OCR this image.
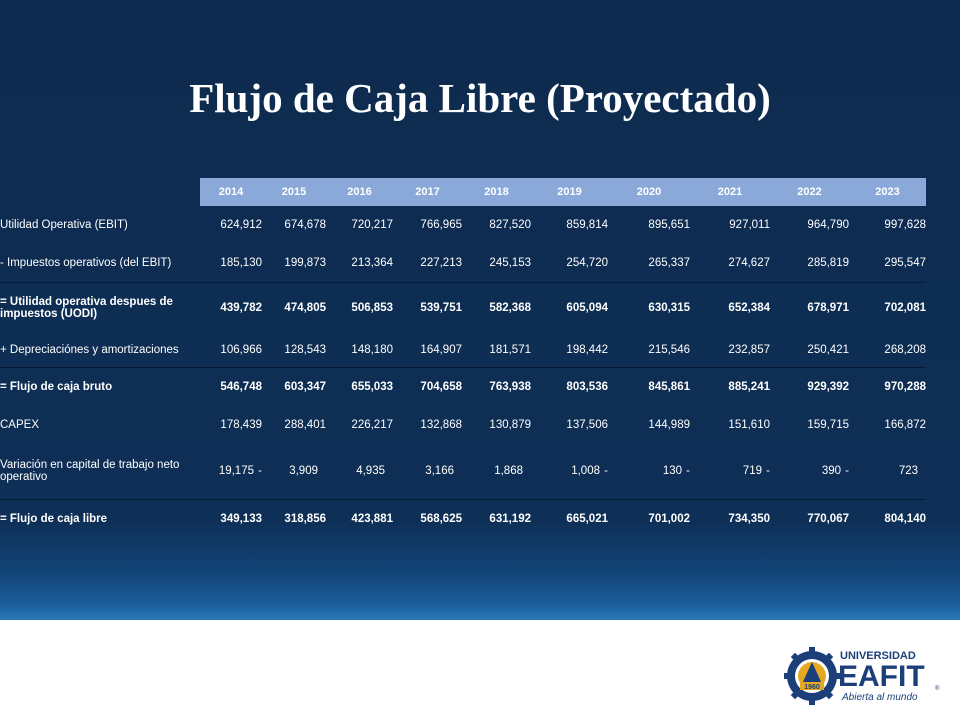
Flujo de Caja Libre (Proyectado)
	2014	2015	2016	2017	2018	2019	2020	2021	2022	2023
Utilidad Operativa (EBIT)	624,912	674,678	720,217	766,965	827,520	859,814	895,651	927,011	964,790	997,628
- Impuestos operativos (del EBIT)	185,130	199,873	213,364	227,213	245,153	254,720	265,337	274,627	285,819	295,547
= Utilidad operativa despues de impuestos (UODI)	439,782	474,805	506,853	539,751	582,368	605,094	630,315	652,384	678,971	702,081
+ Depreciaciónes y amortizaciones	106,966	128,543	148,180	164,907	181,571	198,442	215,546	232,857	250,421	268,208
= Flujo de caja bruto	546,748	603,347	655,033	704,658	763,938	803,536	845,861	885,241	929,392	970,288
CAPEX	178,439	288,401	226,217	132,868	130,879	137,506	144,989	151,610	159,715	166,872
Variación en capital de trabajo neto operativo	19,175 -	3,909	4,935	3,166	1,868	1,008 -	130 -	719 -	390 -	723
= Flujo de caja libre	349,133	318,856	423,881	568,625	631,192	665,021	701,002	734,350	770,067	804,140
1960
UNIVERSIDAD
EAFIT ®
Abierta al mundo
